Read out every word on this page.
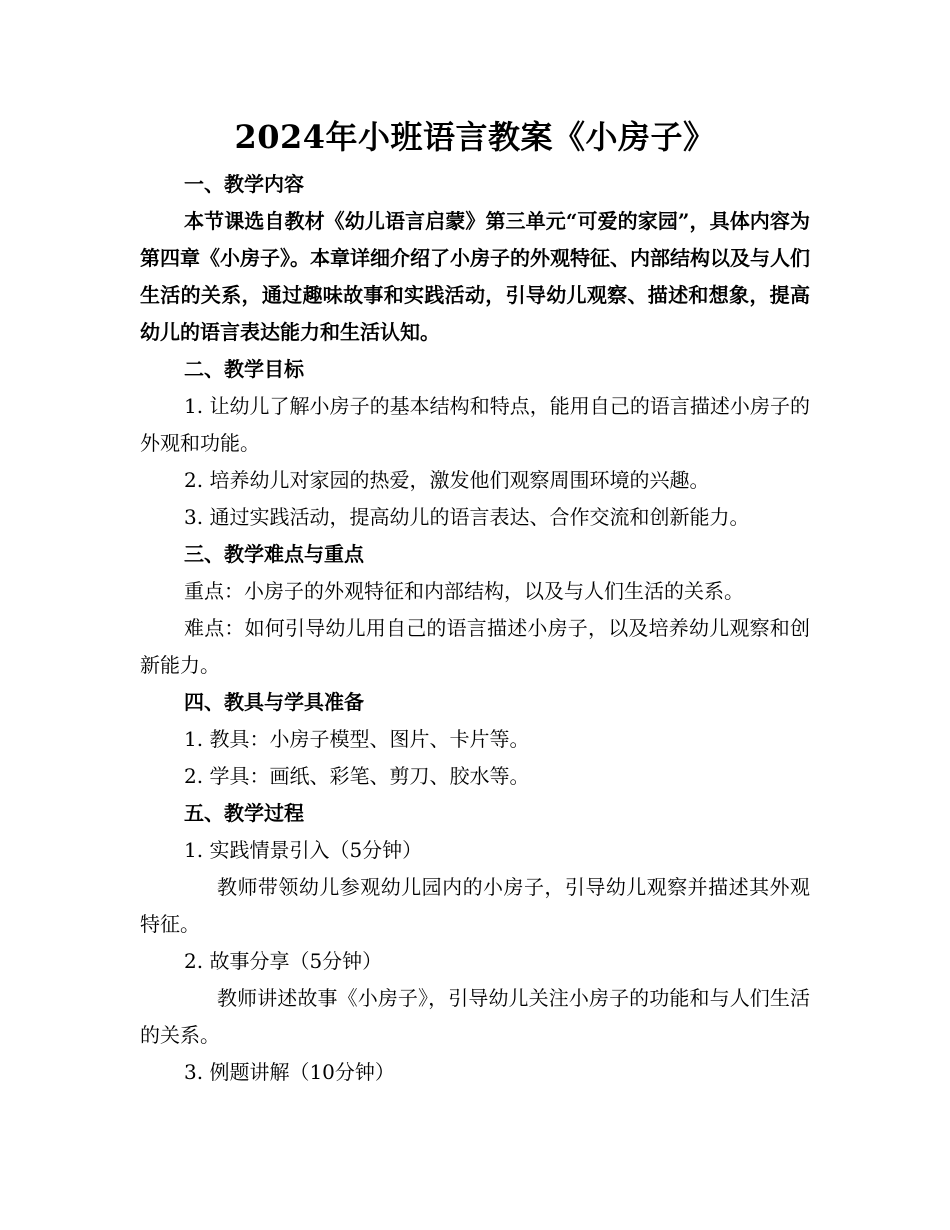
2024年小班语言教案《小房子》

一、教学内容

本节课选自教材《幼儿语言启蒙》第三单元“可爱的家园”，具体内容为第四章《小房子》。本章详细介绍了小房子的外观特征、内部结构以及与人们生活的关系，通过趣味故事和实践活动，引导幼儿观察、描述和想象，提高幼儿的语言表达能力和生活认知。

二、教学目标

1. 让幼儿了解小房子的基本结构和特点，能用自己的语言描述小房子的外观和功能。

2. 培养幼儿对家园的热爱，激发他们观察周围环境的兴趣。

3. 通过实践活动，提高幼儿的语言表达、合作交流和创新能力。

三、教学难点与重点

重点：小房子的外观特征和内部结构，以及与人们生活的关系。

难点：如何引导幼儿用自己的语言描述小房子，以及培养幼儿观察和创新能力。

四、教具与学具准备

1. 教具：小房子模型、图片、卡片等。

2. 学具：画纸、彩笔、剪刀、胶水等。

五、教学过程

1. 实践情景引入（5分钟）

教师带领幼儿参观幼儿园内的小房子，引导幼儿观察并描述其外观特征。

2. 故事分享（5分钟）

教师讲述故事《小房子》，引导幼儿关注小房子的功能和与人们生活的关系。

3. 例题讲解（10分钟）
